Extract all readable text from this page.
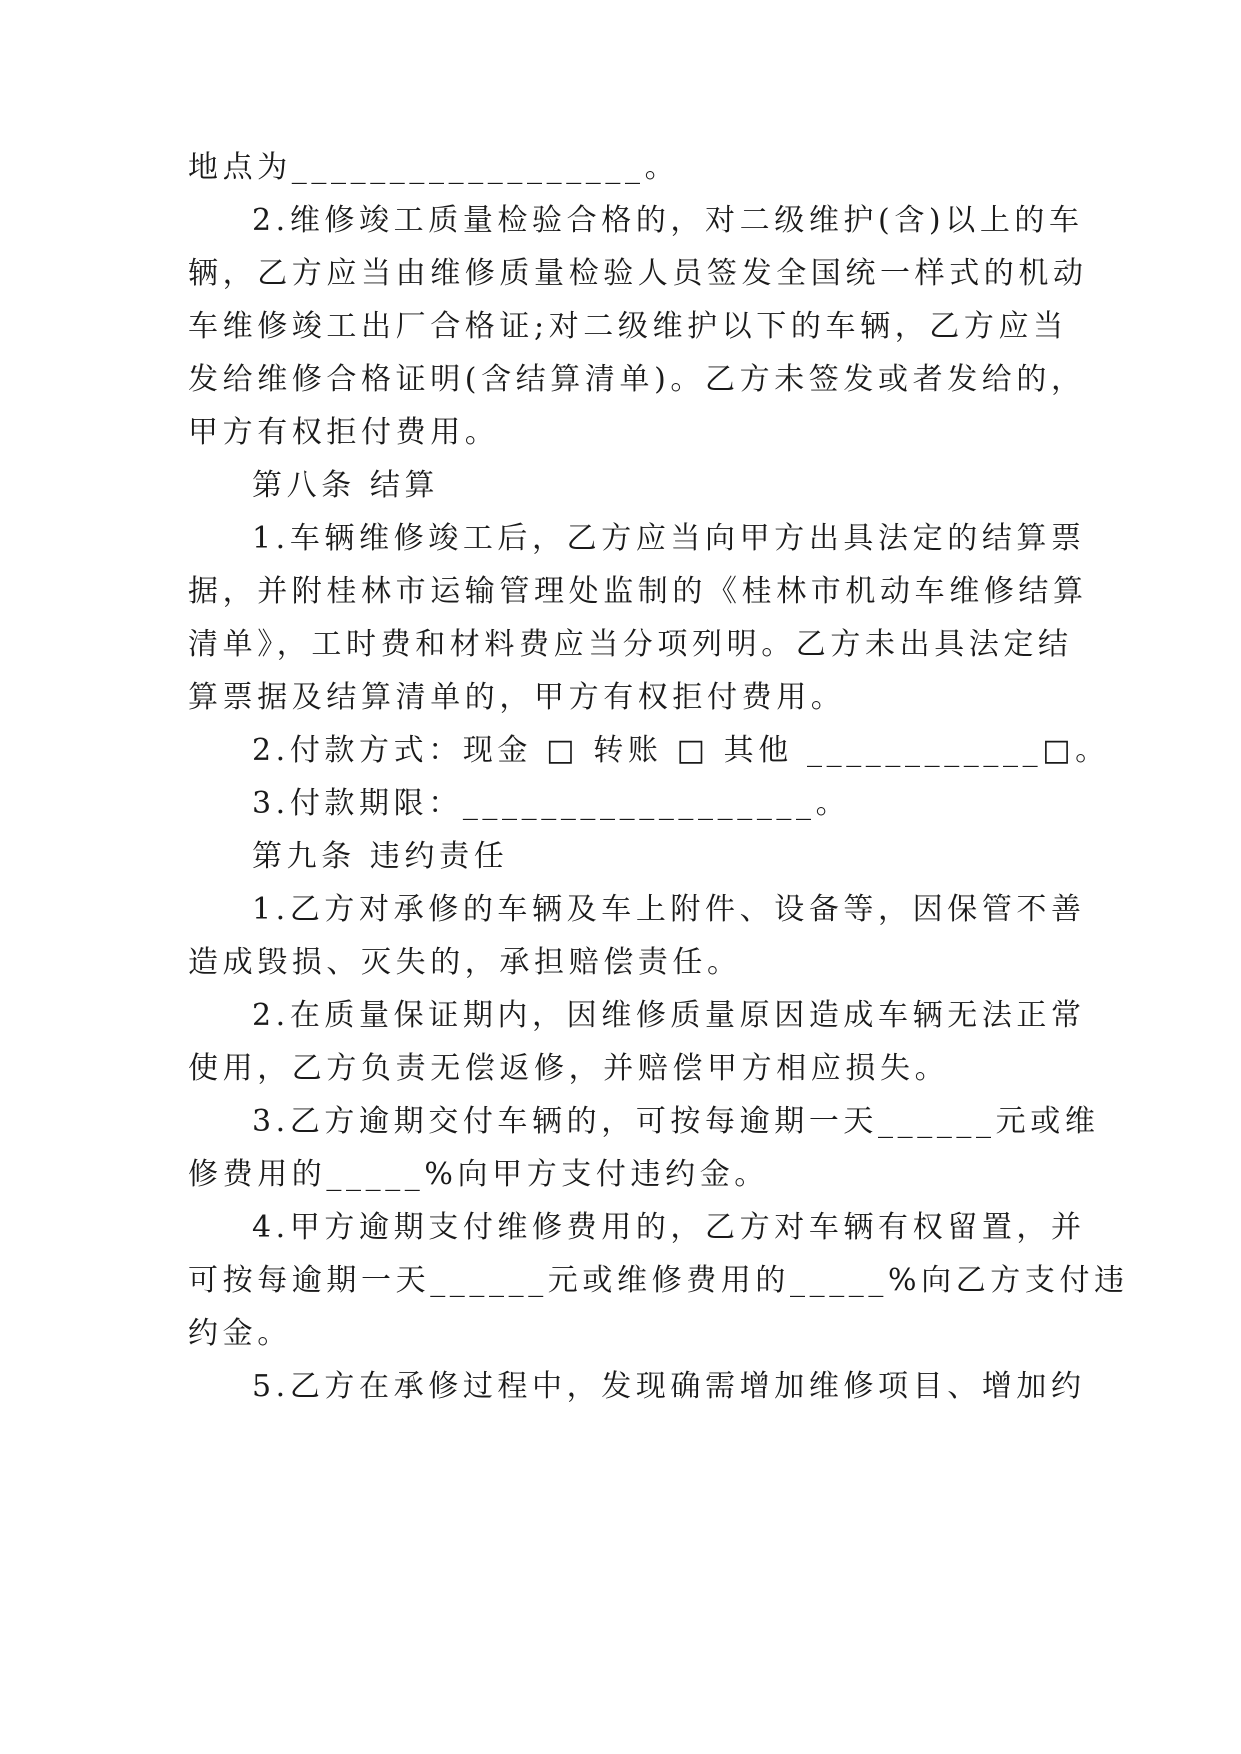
地点为__________________。
2.维修竣工质量检验合格的，对二级维护(含)以上的车
辆，乙方应当由维修质量检验人员签发全国统一样式的机动
车维修竣工出厂合格证;对二级维护以下的车辆，乙方应当
发给维修合格证明(含结算清单)。乙方未签发或者发给的，
甲方有权拒付费用。
第八条 结算
1.车辆维修竣工后，乙方应当向甲方出具法定的结算票
据，并附桂林市运输管理处监制的《桂林市机动车维修结算
清单》，工时费和材料费应当分项列明。乙方未出具法定结
算票据及结算清单的，甲方有权拒付费用。
2.付款方式：现金 □ 转账 □ 其他 ____________□。
3.付款期限：__________________。
第九条 违约责任
1.乙方对承修的车辆及车上附件、设备等，因保管不善
造成毁损、灭失的，承担赔偿责任。
2.在质量保证期内，因维修质量原因造成车辆无法正常
使用，乙方负责无偿返修，并赔偿甲方相应损失。
3.乙方逾期交付车辆的，可按每逾期一天______元或维
修费用的_____%向甲方支付违约金。
4.甲方逾期支付维修费用的，乙方对车辆有权留置，并
可按每逾期一天______元或维修费用的_____%向乙方支付违
约金。
5.乙方在承修过程中，发现确需增加维修项目、增加约
